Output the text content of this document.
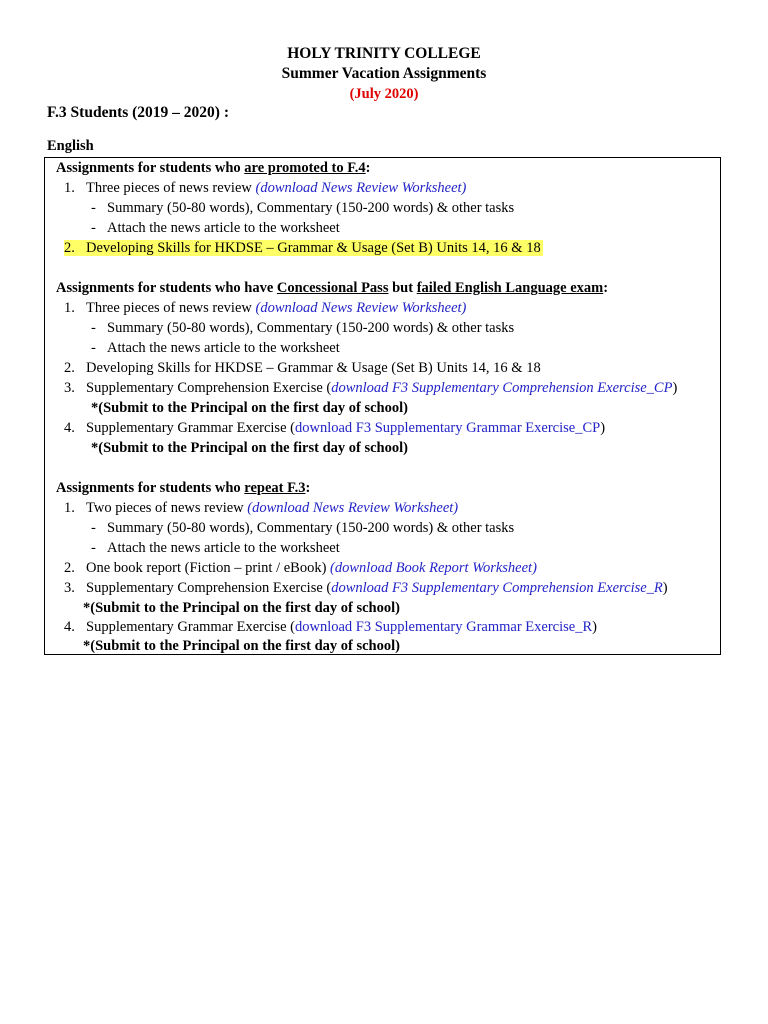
HOLY TRINITY COLLEGE
Summer Vacation Assignments
(July 2020)
F.3 Students (2019 – 2020) :
English
Assignments for students who are promoted to F.4:
1. Three pieces of news review (download News Review Worksheet)
- Summary (50-80 words), Commentary (150-200 words) & other tasks
- Attach the news article to the worksheet
2. Developing Skills for HKDSE – Grammar & Usage (Set B) Units 14, 16 & 18
Assignments for students who have Concessional Pass but failed English Language exam:
1. Three pieces of news review (download News Review Worksheet)
- Summary (50-80 words), Commentary (150-200 words) & other tasks
- Attach the news article to the worksheet
2. Developing Skills for HKDSE – Grammar & Usage (Set B) Units 14, 16 & 18
3. Supplementary Comprehension Exercise (download F3 Supplementary Comprehension Exercise_CP)
*(Submit to the Principal on the first day of school)
4. Supplementary Grammar Exercise (download F3 Supplementary Grammar Exercise_CP)
*(Submit to the Principal on the first day of school)
Assignments for students who repeat F.3:
1. Two pieces of news review (download News Review Worksheet)
- Summary (50-80 words), Commentary (150-200 words) & other tasks
- Attach the news article to the worksheet
2. One book report (Fiction – print / eBook) (download Book Report Worksheet)
3. Supplementary Comprehension Exercise (download F3 Supplementary Comprehension Exercise_R)
*(Submit to the Principal on the first day of school)
4. Supplementary Grammar Exercise (download F3 Supplementary Grammar Exercise_R)
*(Submit to the Principal on the first day of school)
